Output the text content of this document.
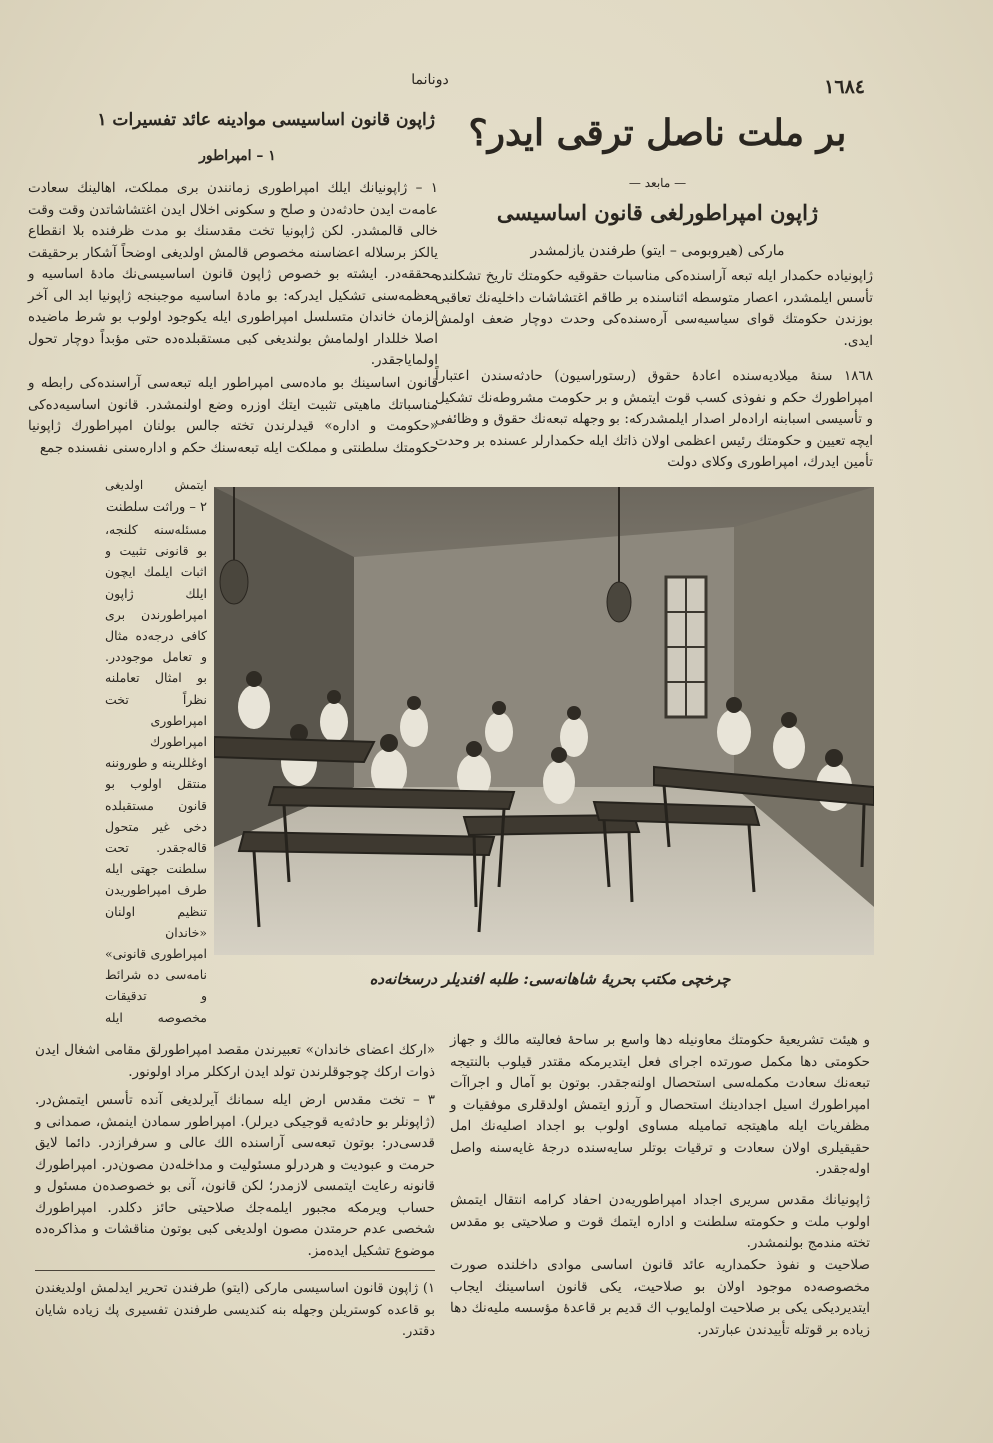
دونانما	١٦٨٤
بر ملت ناصل ترقی ایدر؟
— مابعد —
ژاپون امپراطورلغی قانون اساسیسی
مارکی (هیروبومی – ایتو) طرفندن یازلمشدر
ژاپونیاده حکمدار ایله تبعه آراسنده‌کی مناسبات حقوقیه حکومتك تاریخ تشکلنده تأسس ایلمشدر، اعصار متوسطه اثناسنده بر طاقم اغتشاشات داخلیه‌نك تعاقبی بوزندن حکومتك قوای سیاسیه‌سی آره‌سنده‌کی وحدت دوچار ضعف اولمش ایدی.
١٨٦٨ سنهٔ میلادیه‌سنده اعادهٔ حقوق (رستوراسیون) حادثه‌سندن اعتباراً امپراطورك حکم و نفوذی کسب قوت ایتمش و بر حکومت مشروطه‌نك تشکیل و تأسیسی اسبابنه اراده‌لر اصدار ایلمشدرکه: بو وجهله تبعه‌نك حقوق و وظائفی ایچه تعیین و حکومتك رئیس اعظمی اولان ذاتك ایله حکمدارلر عسنده بر وحدت تأمین ایدرك، امپراطوری وکلای دولت
ژاپون قانون اساسیسی موادینه عائد تفسیرات ١
١ – امپراطور
١ – ژاپونیانك ایلك امپراطوری زمانندن بری مملکت، اهالینك سعادت عامه‌ت ایدن حادثه‌دن و صلح و سکونی اخلال ایدن اغتشاشاتدن وقت وقت خالی قالمشدر. لکن ژاپونیا تخت مقدسنك بو مدت ظرفنده بلا انقطاع یالکز برسلاله اعضاسنه مخصوص قالمش اولدیغی اوضحاً آشکار برحقیقت محققه‌در. ایشته بو خصوص ژاپون قانون اساسیسی‌نك مادهٔ اساسیه و معظمه‌سنی تشکیل ایدرکه: بو مادهٔ اساسیه موجبنجه ژاپونیا ابد الی آخر الزمان خاندان متسلسل امپراطوری ایله یکوجود اولوب بو شرط ماضیده اصلا خللدار اولمامش بولندیغی کبی مستقبلده‌ده حتی مؤبداً دوچار تحول اولمایاجقدر.
قانون اساسینك بو ماده‌سی امپراطور ایله تبعه‌سی آراسنده‌کی رابطه و مناسباتك ماهیتی تثبیت ایتك اوزره وضع اولنمشدر. قانون اساسیه‌ده‌کی «حکومت و اداره» قیدلرندن تخته جالس بولنان امپراطورك ژاپونیا حکومتك سلطنتی و مملکت ایله تبعه‌سنك حکم و اداره‌سنی نفسنده جمع
٢ – وراثت سلطنت
مسئله‌سنه کلنجه، بو قانونی تثبیت و اثبات ایلمك ایچون ایلك ژاپون امپراطورندن بری کافی درجه‌ده مثال و تعامل موجوددر. بو امثال تعاملنه نظراً تخت امپراطوری امپراطورك اوغللرینه و طوروننه منتقل اولوب بو قانون مستقبلده دخی غیر متحول قاله‌جقدر. تحت سلطنت جهتی ایله طرف امپراطوریدن تنظیم اولنان «خاندان امپراطوری قانونی» نامه‌سی ده شرائط و تدقیقات مخصوصه ایله
ایتمش اولدیغی
چرخچی مکتب بحریهٔ شاهانه‌سی: طلبه افندیلر درسخانه‌ده
«ارکك اعضای خاندان» تعبیرندن مقصد امپراطورلق مقامی اشغال ایدن ذوات ارکك چوجوقلرندن تولد ایدن ارککلر مراد اولونور.
٣ – تخت مقدس ارض ایله سمانك آیرلدیغی آنده تأسس ایتمش‌در. (ژاپونلر بو حادثه‌یه قوجیکی دیرلر). امپراطور سمادن اینمش، صمدانی و قدسی‌در: بوتون تبعه‌سی آراسنده الك عالی و سرفرازدر. دائما لایق حرمت و عبودیت و هردرلو مسئولیت و مداخله‌دن مصون‌در. امپراطورك قانونه رعایت ایتمسی لازمدر؛ لکن قانون، آنی بو خصوصده‌ن مسئول و حساب ویرمکه مجبور ایلمه‌جك صلاحیتی حائز دکلدر. امپراطورك شخصی عدم حرمتدن مصون اولدیغی کبی بوتون مناقشات و مذاکره‌ده موضوع تشکیل ایده‌مز.
١) ژاپون قانون اساسیسی مارکی (ایتو) طرفندن تحریر ایدلمش اولدیغندن بو قاعده کوستریلن وجهله بنه کندیسی طرفندن تفسیری پك زیاده شایان دقتدر.
و هیئت تشریعیهٔ حکومتك معاونیله دها واسع بر ساحهٔ فعالیته مالك و جهاز حکومتی دها مکمل صورتده اجرای فعل ایتدیرمکه مقتدر قیلوب بالنتیجه تبعه‌نك سعادت مکمله‌سی استحصال اولنه‌جقدر. بوتون بو آمال و اجراآت امپراطورك اسیل اجدادینك استحصال و آرزو ایتمش اولدقلری موفقیات و مظفریات ایله ماهیتجه تمامیله مساوی اولوب بو اجداد اصلیه‌نك امل حقیقیلری اولان سعادت و ترقیات بوتلر سایه‌سنده درجهٔ غایه‌سنه واصل اوله‌جقدر.
ژاپونیانك مقدس سریری اجداد امپراطوریه‌دن احفاد کرامه انتقال ایتمش اولوب ملت و حکومته سلطنت و اداره ایتمك قوت و صلاحیتی بو مقدس تخته مندمج بولنمشدر.
صلاحیت و نفوذ حکمداریه عائد قانون اساسی موادی داخلنده صورت مخصوصه‌ده موجود اولان بو صلاحیت، یکی قانون اساسینك ایجاب ایتدیردیکی یکی بر صلاحیت اولمایوب اك قدیم بر قاعدهٔ مؤسسه ملیه‌نك دها زیاده بر قوتله تأییدندن عبارتدر.
